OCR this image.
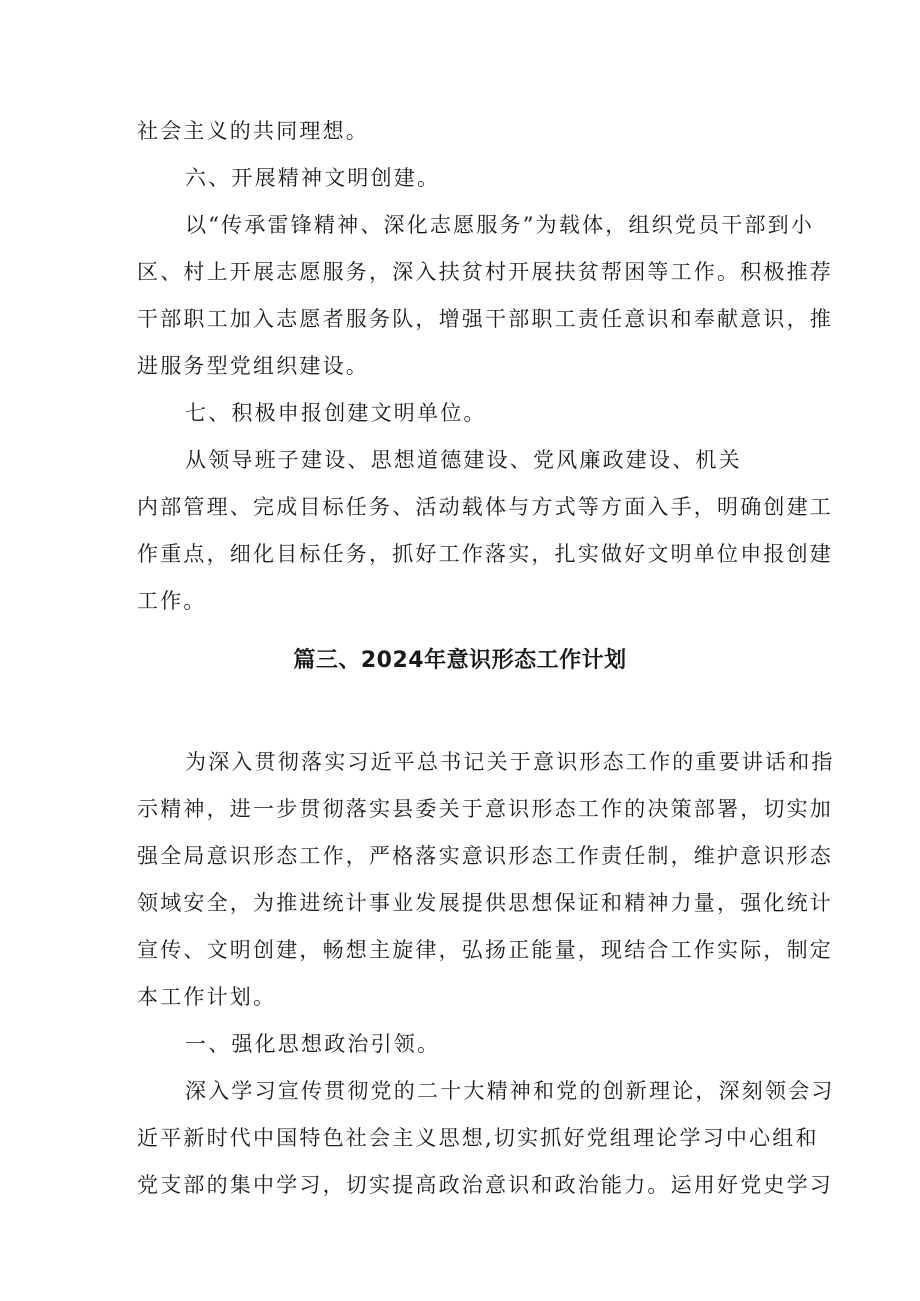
社会主义的共同理想。
六、开展精神文明创建。
以“传承雷锋精神、深化志愿服务”为载体，组织党员干部到小
区、村上开展志愿服务，深入扶贫村开展扶贫帮困等工作。积极推荐
干部职工加入志愿者服务队，增强干部职工责任意识和奉献意识，推
进服务型党组织建设。
七、积极申报创建文明单位。
从领导班子建设、思想道德建设、党风廉政建设、机关
内部管理、完成目标任务、活动载体与方式等方面入手，明确创建工
作重点，细化目标任务，抓好工作落实，扎实做好文明单位申报创建
工作。
篇三、2024年意识形态工作计划
为深入贯彻落实习近平总书记关于意识形态工作的重要讲话和指
示精神，进一步贯彻落实县委关于意识形态工作的决策部署，切实加
强全局意识形态工作，严格落实意识形态工作责任制，维护意识形态
领域安全，为推进统计事业发展提供思想保证和精神力量，强化统计
宣传、文明创建，畅想主旋律，弘扬正能量，现结合工作实际，制定
本工作计划。
一、强化思想政治引领。
深入学习宣传贯彻党的二十大精神和党的创新理论，深刻领会习
近平新时代中国特色社会主义思想,切实抓好党组理论学习中心组和
党支部的集中学习，切实提高政治意识和政治能力。运用好党史学习
